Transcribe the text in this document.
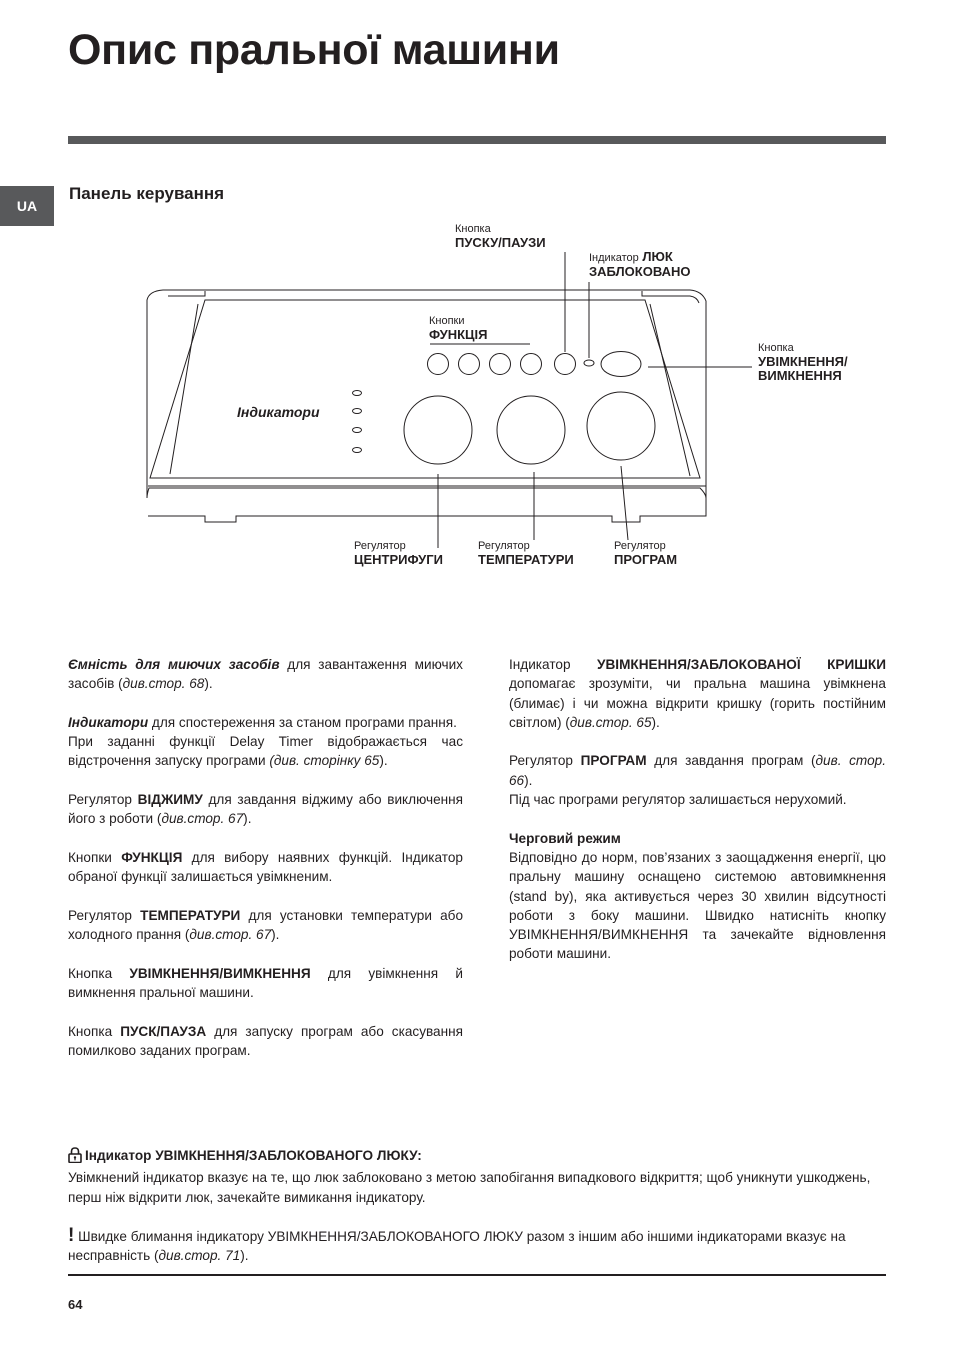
Опис пральної машини
UA
Панель керування
Кнопка
ПУСКУ/ПАУЗИ
Індикатор ЛЮК
ЗАБЛОКОВАНО
Кнопки
ФУНКЦІЯ
Кнопка
УВІМКНЕННЯ/
ВИМКНЕННЯ
Індикатори
Регулятор
ЦЕНТРИФУГИ
Регулятор
ТЕМПЕРАТУРИ
Регулятор
ПРОГРАМ

Ємність для миючих засобів для завантаження миючих засобів (див.стор. 68).

Індикатори для спостереження за станом програми прання.
При заданні функції Delay Timer відображається час відстрочення запуску програми (див. сторінку 65).

Регулятор ВІДЖИМУ для завдання віджиму або виключення його з роботи (див.стор. 67).

Кнопки ФУНКЦІЯ для вибору наявних функцій. Індикатор обраної функції залишається увімкненим.

Регулятор ТЕМПЕРАТУРИ для установки температури або холодного прання (див.стор. 67).

Кнопка УВІМКНЕННЯ/ВИМКНЕННЯ для увімкнення й вимкнення пральної машини.

Кнопка ПУСК/ПАУЗА для запуску програм або скасування помилково заданих програм.

Індикатор УВІМКНЕННЯ/ЗАБЛОКОВАНОЇ КРИШКИ допомагає зрозуміти, чи пральна машина увімкнена (блимає) і чи можна відкрити кришку (горить постійним світлом) (див.стор. 65).

Регулятор ПРОГРАМ для завдання програм (див. стор. 66).
Під час програми регулятор залишається нерухомий.

Черговий режим
Відповідно до норм, пов’язаних з заощадження енергії, цю пральну машину оснащено системою автовимкнення (stand by), яка активується через 30 хвилин відсутності роботи з боку машини. Швидко натисніть кнопку УВІМКНЕННЯ/ВИМКНЕННЯ та зачекайте відновлення роботи машини.

Індикатор УВІМКНЕННЯ/ЗАБЛОКОВАНОГО ЛЮКУ:

Увімкнений індикатор вказує на те, що люк заблоковано з метою запобігання випадкового відкриття; щоб уникнути ушкоджень, перш ніж відкрити люк, зачекайте вимикання індикатору.

! Швидке блимання індикатору УВІМКНЕННЯ/ЗАБЛОКОВАНОГО ЛЮКУ разом з іншим або іншими індикаторами вказує на несправність (див.стор. 71).

64
